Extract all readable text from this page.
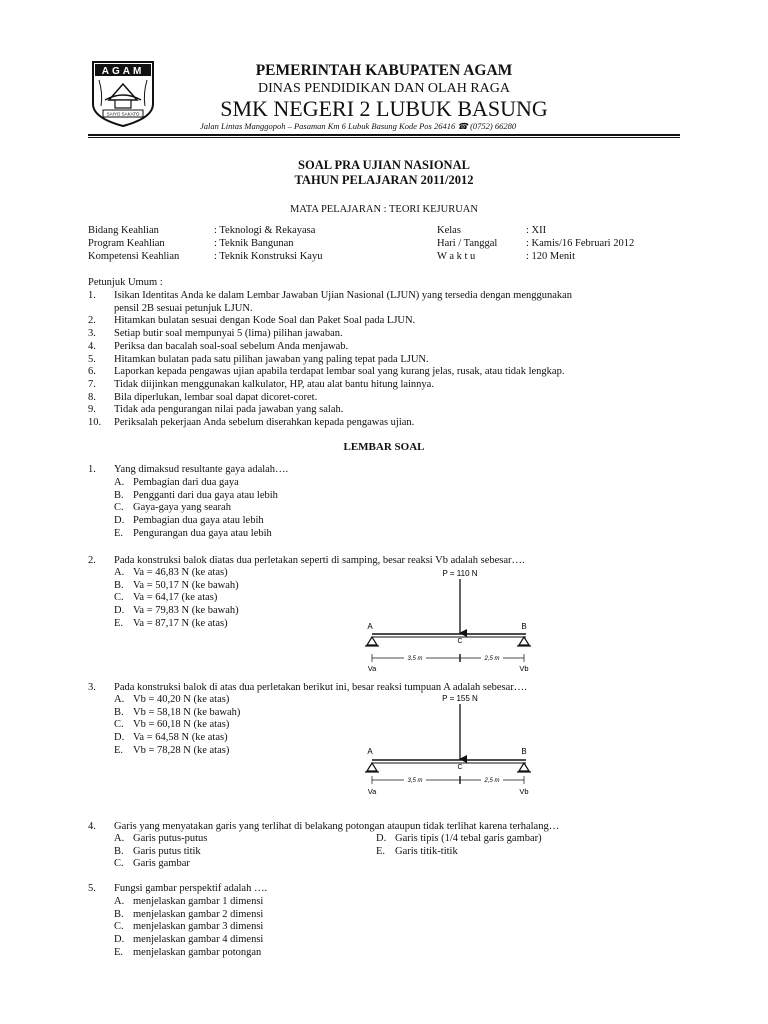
AGAM
SAIYO SAKATO
PEMERINTAH KABUPATEN AGAM
DINAS PENDIDIKAN DAN OLAH RAGA
SMK NEGERI 2 LUBUK BASUNG
Jalan Lintas Manggopoh – Pasaman Km 6 Lubuk Basung Kode Pos 26416 ☎ (0752) 66280
SOAL PRA UJIAN NASIONAL
TAHUN PELAJARAN 2011/2012
MATA PELAJARAN : TEORI KEJURUAN
Bidang Keahlian	: Teknologi & Rekayasa	Kelas	: XII
Program Keahlian	: Teknik Bangunan	Hari / Tanggal	: Kamis/16 Februari 2012
Kompetensi Keahlian	: Teknik Konstruksi Kayu	W a k t u	: 120 Menit
Petunjuk Umum :
1. Isikan Identitas Anda ke dalam Lembar Jawaban Ujian Nasional (LJUN) yang tersedia dengan menggunakan
pensil 2B sesuai petunjuk LJUN.
2. Hitamkan bulatan sesuai dengan Kode Soal dan Paket Soal pada LJUN.
3. Setiap butir soal mempunyai 5 (lima) pilihan jawaban.
4. Periksa dan bacalah soal-soal sebelum Anda menjawab.
5. Hitamkan bulatan pada satu pilihan jawaban yang paling tepat pada LJUN.
6. Laporkan kepada pengawas ujian apabila terdapat lembar soal yang kurang jelas, rusak, atau tidak lengkap.
7. Tidak diijinkan menggunakan kalkulator, HP, atau alat bantu hitung lainnya.
8. Bila diperlukan, lembar soal dapat dicoret-coret.
9. Tidak ada pengurangan nilai pada jawaban yang salah.
10. Periksalah pekerjaan Anda sebelum diserahkan kepada pengawas ujian.
LEMBAR SOAL
1. Yang dimaksud resultante gaya adalah….
A. Pembagian dari dua gaya
B. Pengganti dari dua gaya atau lebih
C. Gaya-gaya yang searah
D. Pembagian dua gaya atau lebih
E. Pengurangan dua gaya atau lebih
2. Pada konstruksi balok diatas dua perletakan seperti di samping, besar reaksi Vb adalah sebesar….
A. Va = 46,83 N (ke atas)
B. Va = 50,17 N (ke bawah)
C. Va = 64,17 (ke atas)
D. Va = 79,83 N (ke bawah)
E. Va = 87,17 N (ke atas)
3. Pada konstruksi balok di atas dua perletakan berikut ini, besar reaksi tumpuan A adalah sebesar….
A. Vb = 40,20 N (ke atas)
B. Vb = 58,18 N (ke bawah)
C. Vb = 60,18 N (ke atas)
D. Va = 64,58 N (ke atas)
E. Vb = 78,28 N (ke atas)
4. Garis yang menyatakan garis yang terlihat di belakang potongan ataupun tidak terlihat karena terhalang…
A. Garis putus-putus	D. Garis tipis (1/4 tebal garis gambar)
B. Garis putus titik	E. Garis titik-titik
C. Garis gambar
5. Fungsi gambar perspektif adalah ….
A. menjelaskan gambar 1 dimensi
B. menjelaskan gambar 2 dimensi
C. menjelaskan gambar 3 dimensi
D. menjelaskan gambar 4 dimensi
E. menjelaskan gambar potongan
P = 110 N
A	B
C
3,5 m	2,5 m
Va	Vb
P = 155 N
A	B
C
3,5 m	2,5 m
Va	Vb
